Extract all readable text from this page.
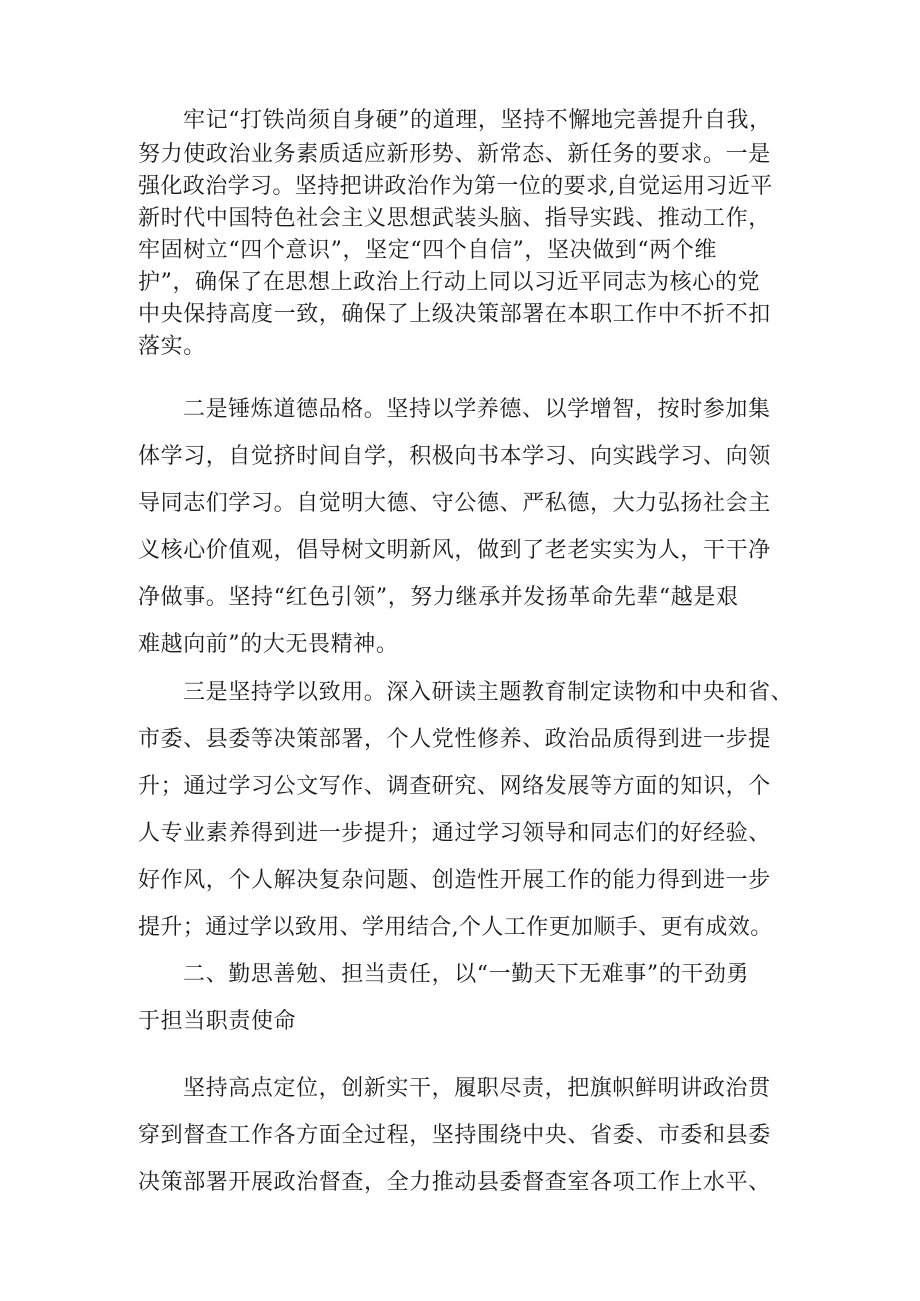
牢记“打铁尚须自身硬”的道理，坚持不懈地完善提升自我，
努力使政治业务素质适应新形势、新常态、新任务的要求。一是
强化政治学习。坚持把讲政治作为第一位的要求,自觉运用习近平
新时代中国特色社会主义思想武装头脑、指导实践、推动工作，
牢固树立“四个意识”，坚定“四个自信”，坚决做到“两个维
护”，确保了在思想上政治上行动上同以习近平同志为核心的党
中央保持高度一致，确保了上级决策部署在本职工作中不折不扣
落实。
二是锤炼道德品格。坚持以学养德、以学增智，按时参加集
体学习，自觉挤时间自学，积极向书本学习、向实践学习、向领
导同志们学习。自觉明大德、守公德、严私德，大力弘扬社会主
义核心价值观，倡导树文明新风，做到了老老实实为人，干干净
净做事。坚持“红色引领”，努力继承并发扬革命先辈“越是艰
难越向前”的大无畏精神。
三是坚持学以致用。深入研读主题教育制定读物和中央和省、
市委、县委等决策部署，个人党性修养、政治品质得到进一步提
升；通过学习公文写作、调查研究、网络发展等方面的知识，个
人专业素养得到进一步提升；通过学习领导和同志们的好经验、
好作风，个人解决复杂问题、创造性开展工作的能力得到进一步
提升；通过学以致用、学用结合,个人工作更加顺手、更有成效。
二、勤思善勉、担当责任，以“一勤天下无难事”的干劲勇
于担当职责使命
坚持高点定位，创新实干，履职尽责，把旗帜鲜明讲政治贯
穿到督查工作各方面全过程，坚持围绕中央、省委、市委和县委
决策部署开展政治督查，全力推动县委督查室各项工作上水平、
